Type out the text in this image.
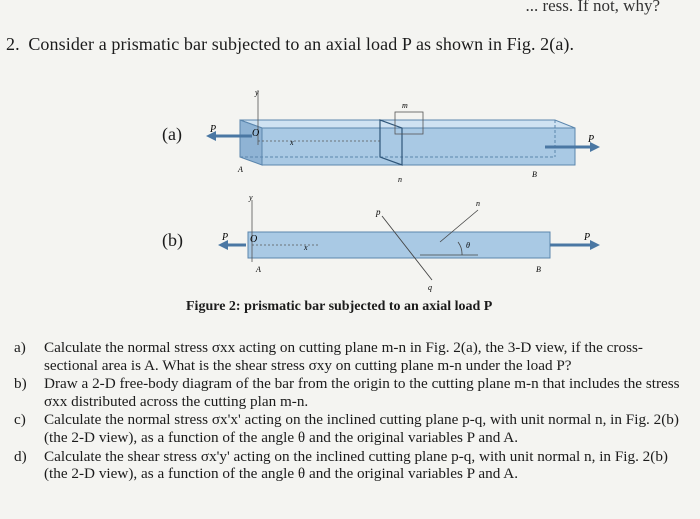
... ress. If not, why?
2. Consider a prismatic bar subjected to an axial load P as shown in Fig. 2(a).
P	O
y
x
A
m
n
P
B
y
P O
x
A
p
n
θ
q
P
B
(a)
(b)
Figure 2: prismatic bar subjected to an axial load P
a) Calculate the normal stress σxx acting on cutting plane m-n in Fig. 2(a), the 3-D view, if the cross-sectional area is A. What is the shear stress σxy on cutting plane m-n under the load P?
b) Draw a 2-D free-body diagram of the bar from the origin to the cutting plane m-n that includes the stress σxx distributed across the cutting plan m-n.
c) Calculate the normal stress σx'x' acting on the inclined cutting plane p-q, with unit normal n, in Fig. 2(b) (the 2-D view), as a function of the angle θ and the original variables P and A.
d) Calculate the shear stress σx'y' acting on the inclined cutting plane p-q, with unit normal n, in Fig. 2(b) (the 2-D view), as a function of the angle θ and the original variables P and A.
